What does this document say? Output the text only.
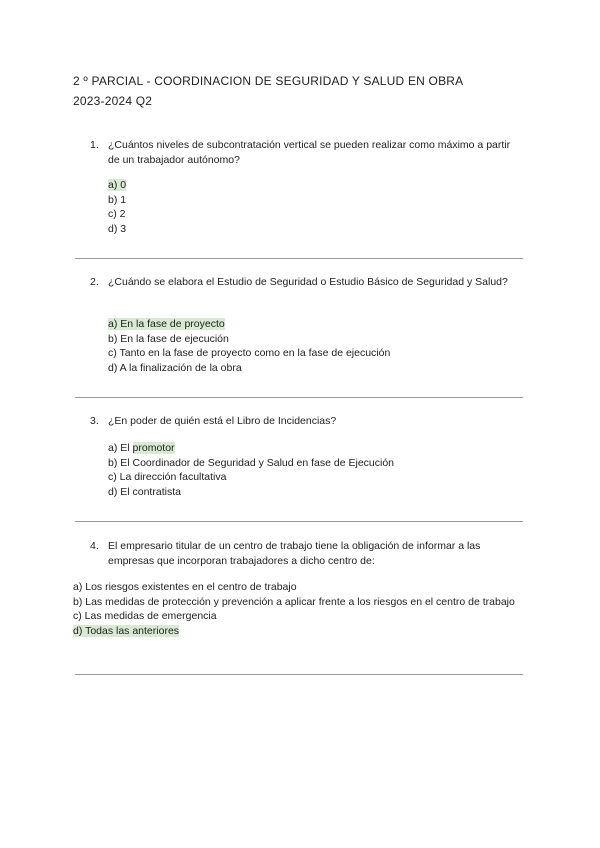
2 º PARCIAL - COORDINACION DE SEGURIDAD Y SALUD EN OBRA
2023-2024 Q2
1. ¿Cuántos niveles de subcontratación vertical se pueden realizar como máximo a partir de un trabajador autónomo?
a) 0
b) 1
c) 2
d) 3
2. ¿Cuándo se elabora el Estudio de Seguridad o Estudio Básico de Seguridad y Salud?
a) En la fase de proyecto
b) En la fase de ejecución
c) Tanto en la fase de proyecto como en la fase de ejecución
d) A la finalización de la obra
3. ¿En poder de quién está el Libro de Incidencias?
a) El promotor
b) El Coordinador de Seguridad y Salud en fase de Ejecución
c) La dirección facultativa
d) El contratista
4. El empresario titular de un centro de trabajo tiene la obligación de informar a las empresas que incorporan trabajadores a dicho centro de:
a) Los riesgos existentes en el centro de trabajo
b) Las medidas de protección y prevención a aplicar frente a los riesgos en el centro de trabajo
c) Las medidas de emergencia
d) Todas las anteriores
